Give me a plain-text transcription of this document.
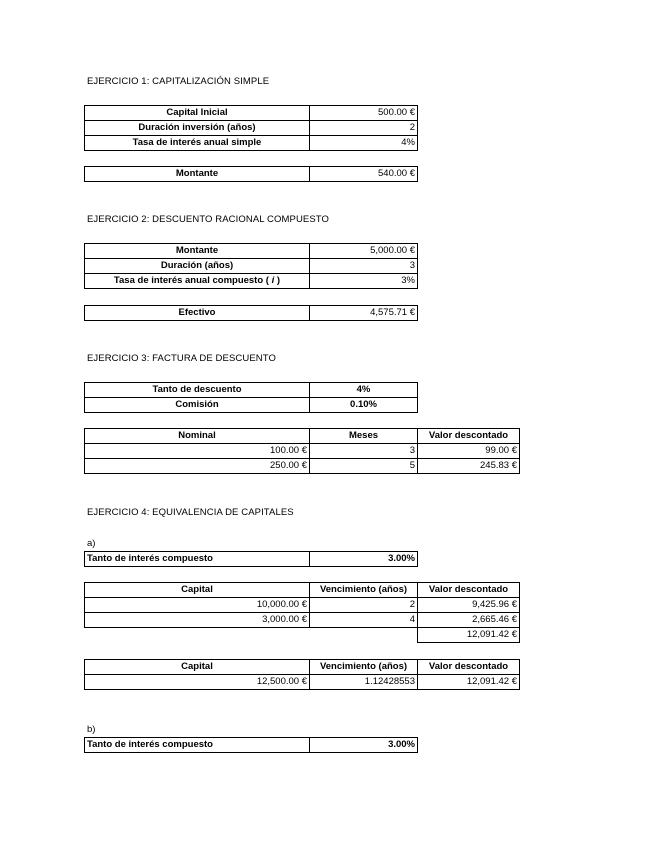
EJERCICIO 1: CAPITALIZACIÓN SIMPLE
Capital Inicial	500.00 €
Duración inversión (años)	2
Tasa de interés anual simple	4%
Montante	540.00 €
EJERCICIO 2: DESCUENTO RACIONAL COMPUESTO
Montante	5,000.00 €
Duración (años)	3
Tasa de interés anual compuesto ( i )	3%
Efectivo	4,575.71 €
EJERCICIO 3: FACTURA DE DESCUENTO
Tanto de descuento	4%
Comisión	0.10%
Nominal	Meses	Valor descontado
100.00 €	3	99.00 €
250.00 €	5	245.83 €
EJERCICIO 4: EQUIVALENCIA DE CAPITALES
a)
Tanto de interés compuesto	3.00%
Capital	Vencimiento (años)	Valor descontado
10,000.00 €	2	9,425.96 €
3,000.00 €	4	2,665.46 €
		12,091.42 €
Capital	Vencimiento (años)	Valor descontado
12,500.00 €	1.12428553	12,091.42 €
b)
Tanto de interés compuesto	3.00%
